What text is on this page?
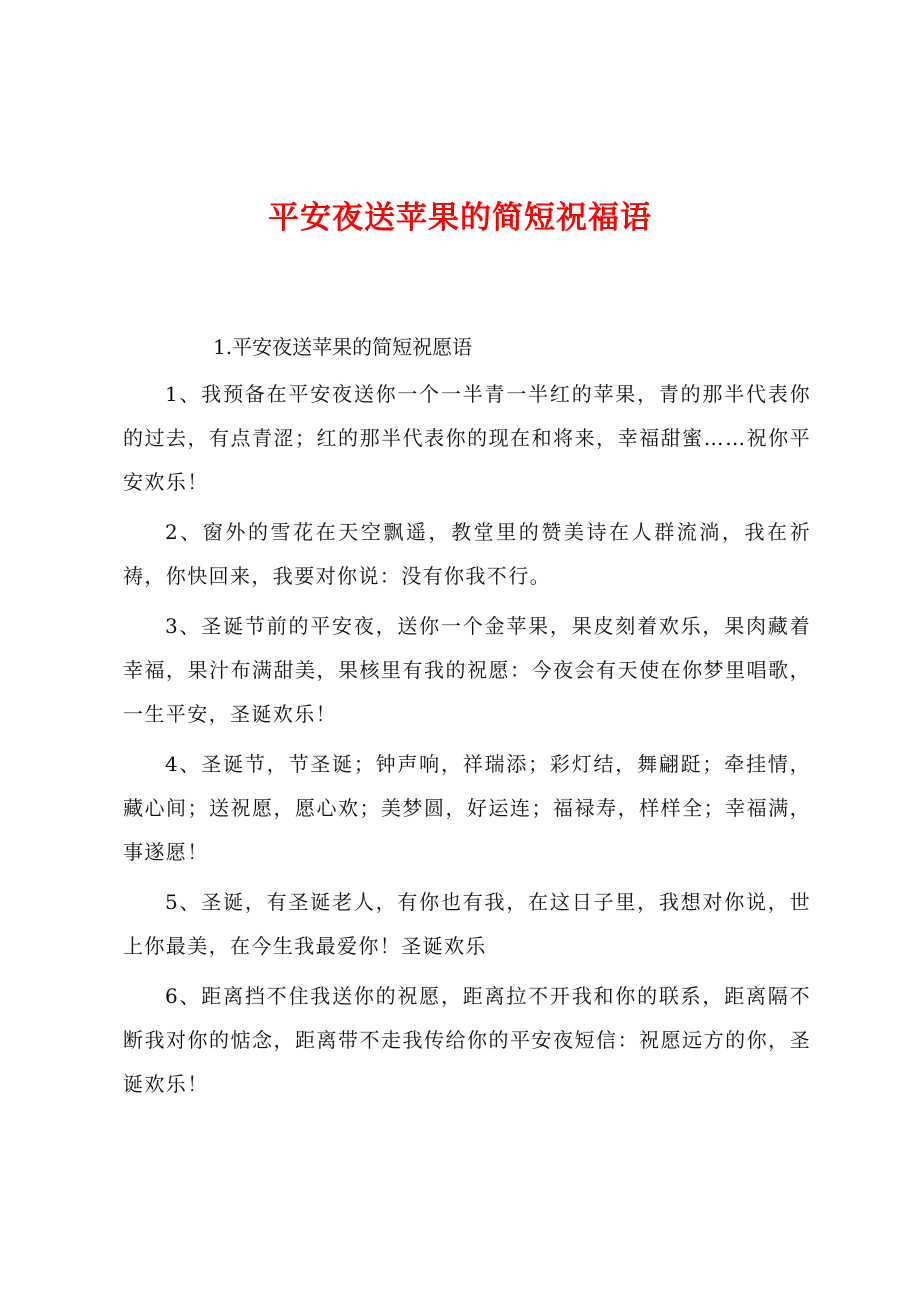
平安夜送苹果的简短祝福语

1.平安夜送苹果的简短祝愿语

1、我预备在平安夜送你一个一半青一半红的苹果，青的那半代表你的过去，有点青涩；红的那半代表你的现在和将来，幸福甜蜜……祝你平安欢乐！

2、窗外的雪花在天空飘遥，教堂里的赞美诗在人群流淌，我在祈祷，你快回来，我要对你说：没有你我不行。

3、圣诞节前的平安夜，送你一个金苹果，果皮刻着欢乐，果肉藏着幸福，果汁布满甜美，果核里有我的祝愿：今夜会有天使在你梦里唱歌，一生平安，圣诞欢乐！

4、圣诞节，节圣诞；钟声响，祥瑞添；彩灯结，舞翩跹；牵挂情，藏心间；送祝愿，愿心欢；美梦圆，好运连；福禄寿，样样全；幸福满，事遂愿！

5、圣诞，有圣诞老人，有你也有我，在这日子里，我想对你说，世上你最美，在今生我最爱你！圣诞欢乐

6、距离挡不住我送你的祝愿，距离拉不开我和你的联系，距离隔不断我对你的惦念，距离带不走我传给你的平安夜短信：祝愿远方的你，圣诞欢乐！
